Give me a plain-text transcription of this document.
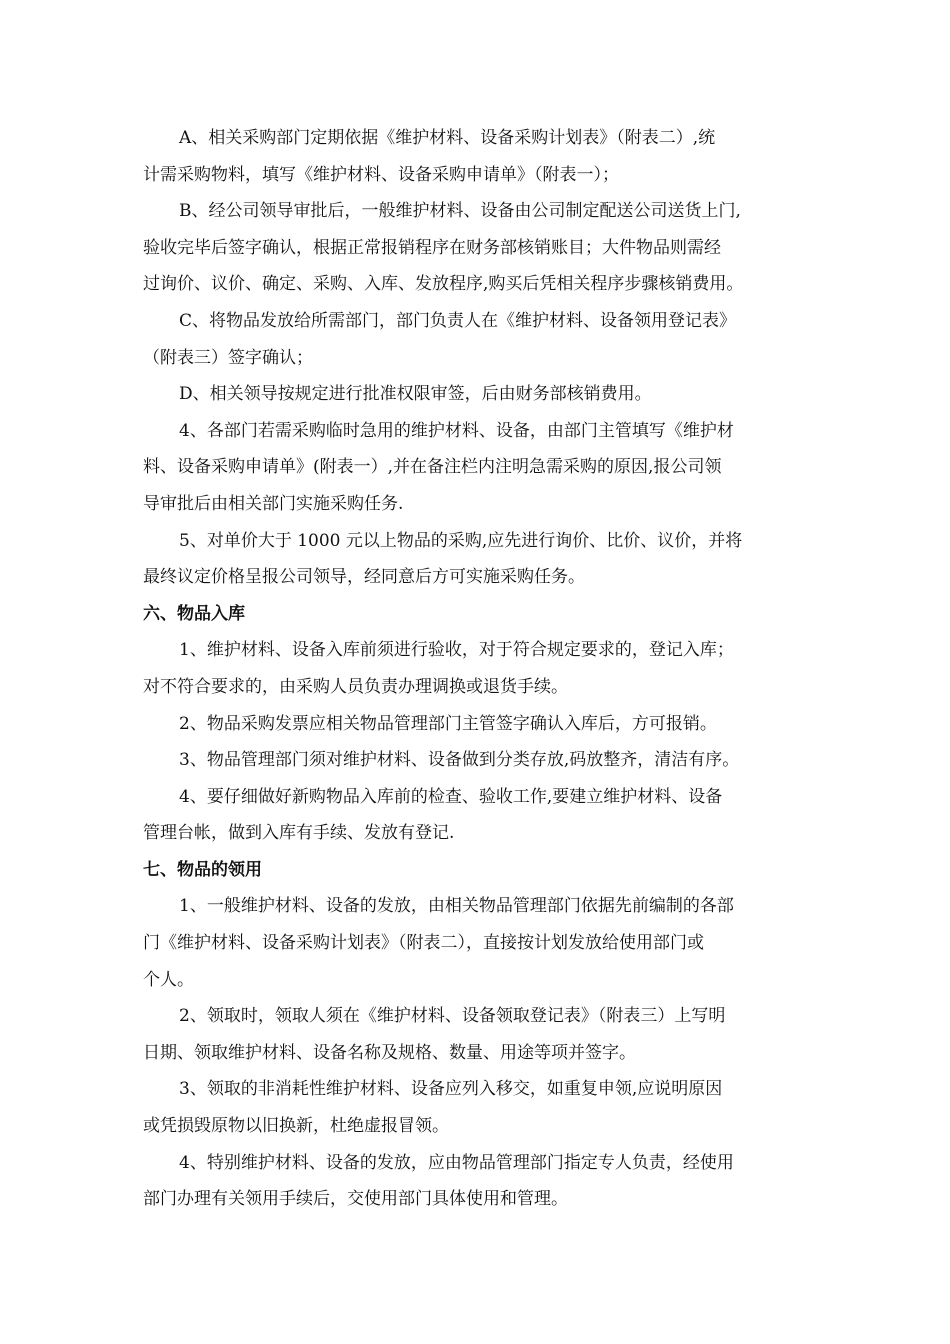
A、相关采购部门定期依据《维护材料、设备采购计划表》（附表二）,统
计需采购物料，填写《维护材料、设备采购申请单》（附表一）；
B、经公司领导审批后，一般维护材料、设备由公司制定配送公司送货上门,
验收完毕后签字确认，根据正常报销程序在财务部核销账目；大件物品则需经
过询价、议价、确定、采购、入库、发放程序,购买后凭相关程序步骤核销费用。
C、将物品发放给所需部门，部门负责人在《维护材料、设备领用登记表》
（附表三）签字确认；
D、相关领导按规定进行批准权限审签，后由财务部核销费用。
4、各部门若需采购临时急用的维护材料、设备，由部门主管填写《维护材
料、设备采购申请单》(附表一）,并在备注栏内注明急需采购的原因,报公司领
导审批后由相关部门实施采购任务.
5、对单价大于 1000 元以上物品的采购,应先进行询价、比价、议价，并将
最终议定价格呈报公司领导，经同意后方可实施采购任务。
六、物品入库
1、维护材料、设备入库前须进行验收，对于符合规定要求的，登记入库；
对不符合要求的，由采购人员负责办理调换或退货手续。
2、物品采购发票应相关物品管理部门主管签字确认入库后，方可报销。
3、物品管理部门须对维护材料、设备做到分类存放,码放整齐，清洁有序。
4、要仔细做好新购物品入库前的检查、验收工作,要建立维护材料、设备
管理台帐，做到入库有手续、发放有登记.
七、物品的领用
1、一般维护材料、设备的发放，由相关物品管理部门依据先前编制的各部
门《维护材料、设备采购计划表》（附表二），直接按计划发放给使用部门或
个人。
2、领取时，领取人须在《维护材料、设备领取登记表》（附表三）上写明
日期、领取维护材料、设备名称及规格、数量、用途等项并签字。
3、领取的非消耗性维护材料、设备应列入移交，如重复申领,应说明原因
或凭损毁原物以旧换新，杜绝虚报冒领。
4、特别维护材料、设备的发放，应由物品管理部门指定专人负责，经使用
部门办理有关领用手续后，交使用部门具体使用和管理。
